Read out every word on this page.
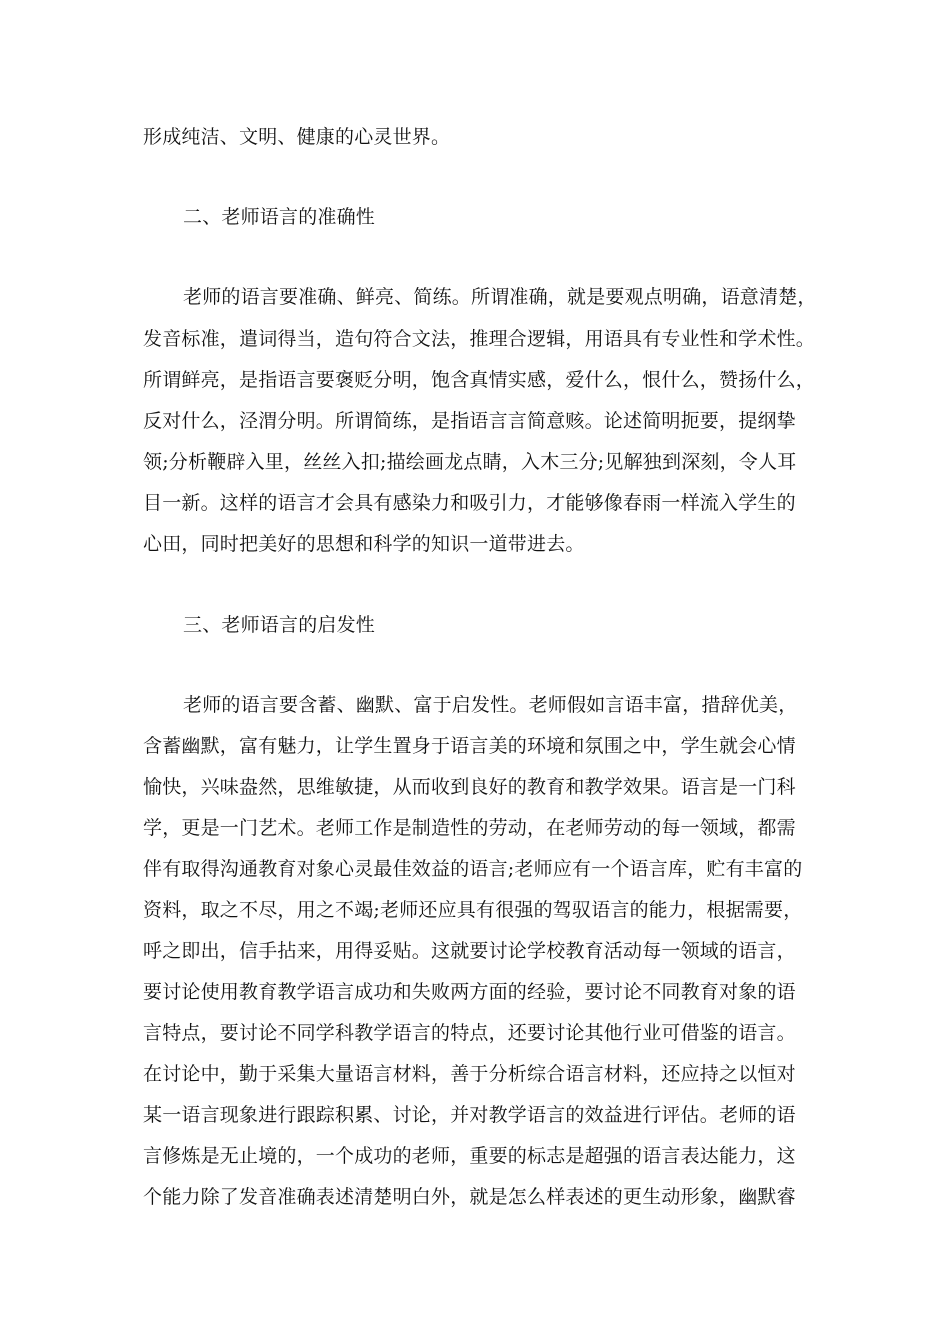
形成纯洁、文明、健康的心灵世界。
二、老师语言的准确性
老师的语言要准确、鲜亮、简练。所谓准确，就是要观点明确，语意清楚，
发音标准，遣词得当，造句符合文法，推理合逻辑，用语具有专业性和学术性。
所谓鲜亮，是指语言要褒贬分明，饱含真情实感，爱什么，恨什么，赞扬什么，
反对什么，泾渭分明。所谓简练，是指语言言简意赅。论述简明扼要，提纲挚
领;分析鞭辟入里，丝丝入扣;描绘画龙点睛，入木三分;见解独到深刻，令人耳
目一新。这样的语言才会具有感染力和吸引力，才能够像春雨一样流入学生的
心田，同时把美好的思想和科学的知识一道带进去。
三、老师语言的启发性
老师的语言要含蓄、幽默、富于启发性。老师假如言语丰富，措辞优美，
含蓄幽默，富有魅力，让学生置身于语言美的环境和氛围之中，学生就会心情
愉快，兴味盎然，思维敏捷，从而收到良好的教育和教学效果。语言是一门科
学，更是一门艺术。老师工作是制造性的劳动，在老师劳动的每一领域，都需
伴有取得沟通教育对象心灵最佳效益的语言;老师应有一个语言库，贮有丰富的
资料，取之不尽，用之不竭;老师还应具有很强的驾驭语言的能力，根据需要，
呼之即出，信手拈来，用得妥贴。这就要讨论学校教育活动每一领域的语言，
要讨论使用教育教学语言成功和失败两方面的经验，要讨论不同教育对象的语
言特点，要讨论不同学科教学语言的特点，还要讨论其他行业可借鉴的语言。
在讨论中，勤于采集大量语言材料，善于分析综合语言材料，还应持之以恒对
某一语言现象进行跟踪积累、讨论，并对教学语言的效益进行评估。老师的语
言修炼是无止境的，一个成功的老师，重要的标志是超强的语言表达能力，这
个能力除了发音准确表述清楚明白外，就是怎么样表述的更生动形象，幽默睿
